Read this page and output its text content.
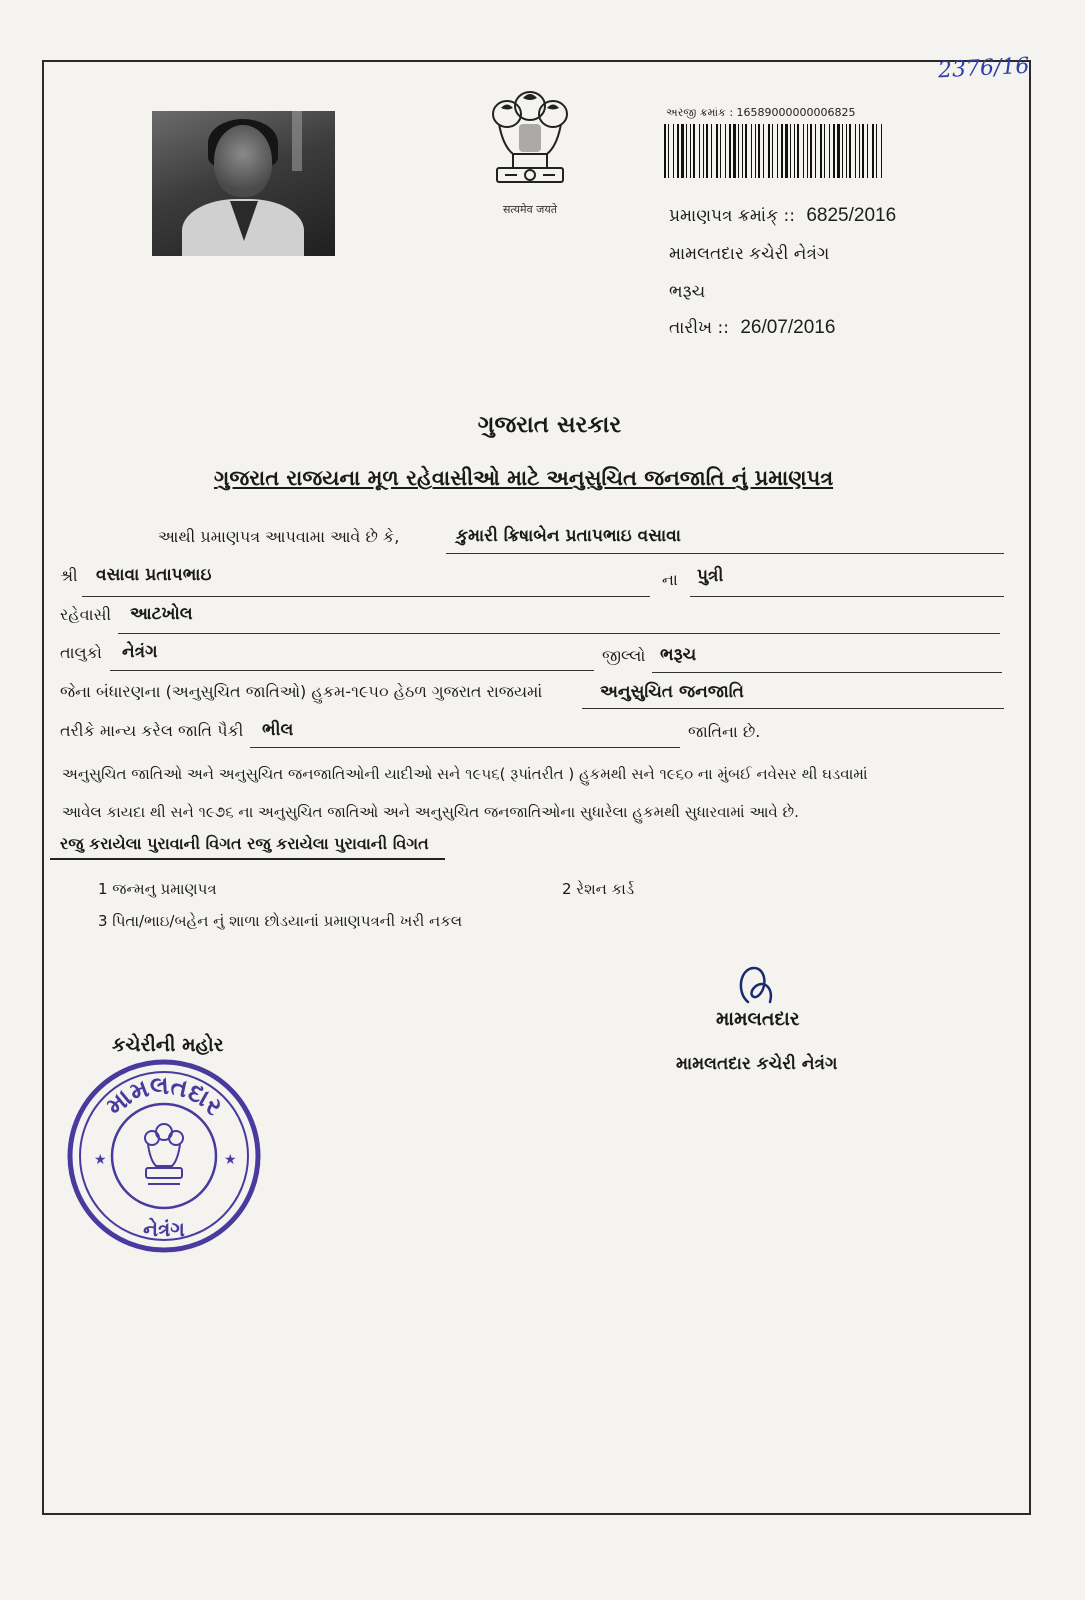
2376/16
सत्यमेव जयते
અરજી ક્રમાંક : 16589000000006825
પ્રમાણપત્ર ક્રમાંક્ :: 6825/2016
મામલતદાર કચેરી નેત્રંગ
ભરૂચ
તારીખ :: 26/07/2016
ગુજરાત સરકાર
ગુજરાત રાજયના મૂળ રહેવાસીઓ માટે અનુસુચિત જનજાતિ નું પ્રમાણપત્ર
આથી પ્રમાણપત્ર આપવામા આવે છે કે,	કુમારી ક્રિષાબેન પ્રતાપભાઇ વસાવા
શ્રી વસાવા પ્રતાપભાઇ	ના પુત્રી
રહેવાસી આટખોલ
તાલુકો નેત્રંગ	જીલ્લો ભરૂચ
જેના બંધારણના (અનુસુચિત જાતિઓ) હુકમ-૧૯૫૦ હેઠળ ગુજરાત રાજયમાં	અનુસુચિત જનજાતિ
તરીકે માન્ય કરેલ જાતિ પૈકી ભીલ	જાતિના છે.
અનુસુચિત જાતિઓ અને અનુસુચિત જનજાતિઓની યાદીઓ સને ૧૯૫૬( રૂપાંતરીત ) હુકમથી સને ૧૯૬૦ ના મુંબઈ નવેસર થી ઘડવામાં
આવેલ કાયદા થી સને ૧૯૭૬ ના અનુસુચિત જાતિઓ અને અનુસુચિત જનજાતિઓના સુધારેલા હુકમથી સુધારવામાં આવે છે.
રજુ કરાયેલા પુરાવાની વિગત રજુ કરાયેલા પુરાવાની વિગત
1 જન્મનુ પ્રમાણપત્ર	2 રેશન કાર્ડ
3 પિતા/ભાઇ/બહેન નું શાળા છોડયાનાં પ્રમાણપત્રની ખરી નકલ
મામલતદાર
મામલતદાર કચેરી નેત્રંગ
કચેરીની મહોર
મામલતદાર
નેત્રંગ
★	★
